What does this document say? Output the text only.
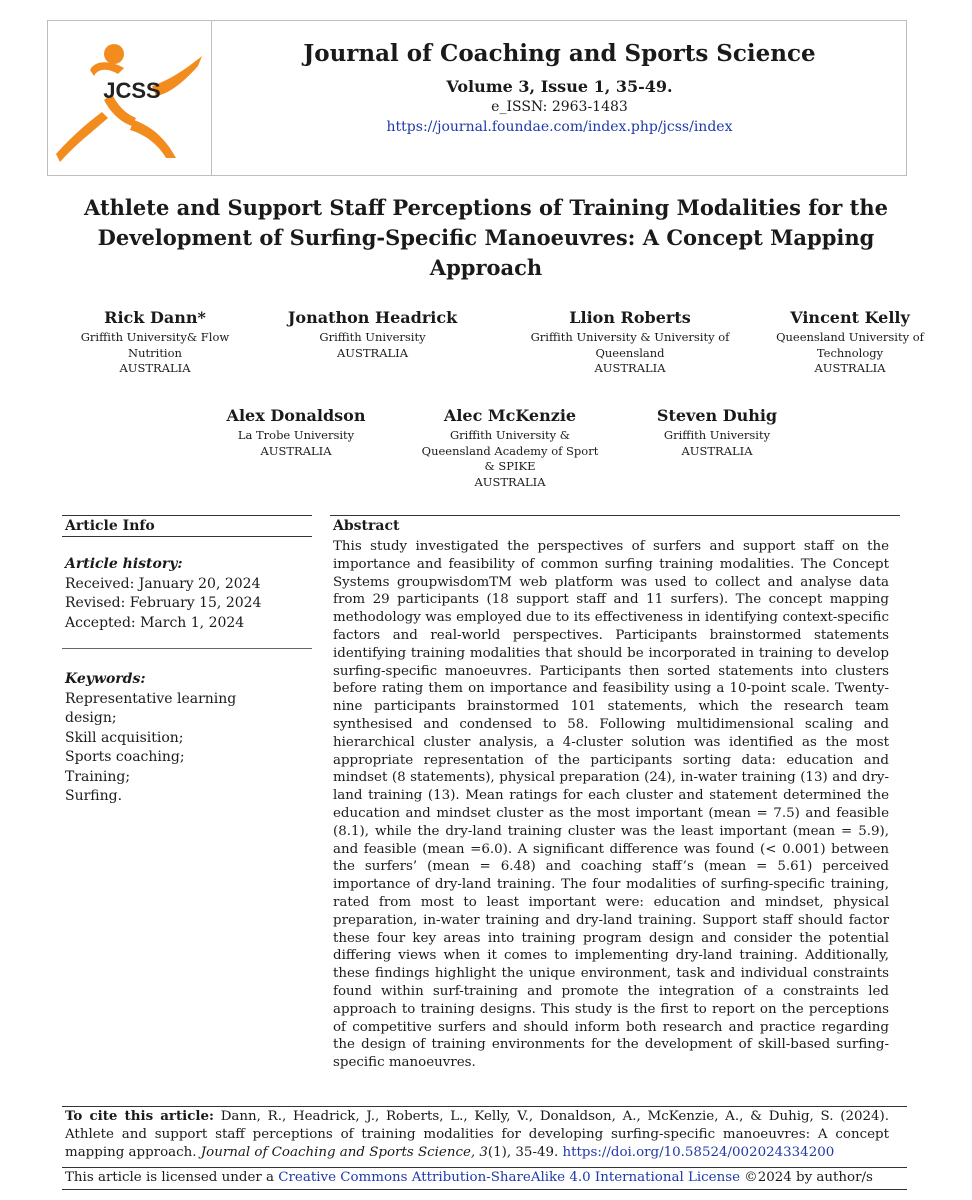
JCSS
Journal of Coaching and Sports Science
Volume 3, Issue 1, 35-49.
e_ISSN: 2963-1483
https://journal.foundae.com/index.php/jcss/index
Athlete and Support Staff Perceptions of Training Modalities for the
Development of Surfing-Specific Manoeuvres: A Concept Mapping
Approach
Rick Dann*
Griffith University& Flow
Nutrition
AUSTRALIA
Jonathon Headrick
Griffith University
AUSTRALIA
Llion Roberts
Griffith University & University of
Queensland
AUSTRALIA
Vincent Kelly
Queensland University of
Technology
AUSTRALIA
Alex Donaldson
La Trobe University
AUSTRALIA
Alec McKenzie
Griffith University &
Queensland Academy of Sport
& SPIKE
AUSTRALIA
Steven Duhig
Griffith University
AUSTRALIA
Article Info	Abstract
Article history:
Received: January 20, 2024
Revised: February 15, 2024
Accepted: March 1, 2024
Keywords:
Representative learning
design;
Skill acquisition;
Sports coaching;
Training;
Surfing.
This study investigated the perspectives of surfers and support staff on the importance and feasibility of common surfing training modalities. The Concept Systems groupwisdomTM web platform was used to collect and analyse data from 29 participants (18 support staff and 11 surfers). The concept mapping methodology was employed due to its effectiveness in identifying context-specific factors and real-world perspectives. Participants brainstormed statements identifying training modalities that should be incorporated in training to develop surfing-specific manoeuvres. Participants then sorted statements into clusters before rating them on importance and feasibility using a 10-point scale. Twenty-nine participants brainstormed 101 statements, which the research team synthesised and condensed to 58. Following multidimensional scaling and hierarchical cluster analysis, a 4-cluster solution was identified as the most appropriate representation of the participants sorting data: education and mindset (8 statements), physical preparation (24), in-water training (13) and dry-land training (13). Mean ratings for each cluster and statement determined the education and mindset cluster as the most important (mean = 7.5) and feasible (8.1), while the dry-land training cluster was the least important (mean = 5.9), and feasible (mean =6.0). A significant difference was found (< 0.001) between the surfers’ (mean = 6.48) and coaching staff’s (mean = 5.61) perceived importance of dry-land training. The four modalities of surfing-specific training, rated from most to least important were: education and mindset, physical preparation, in-water training and dry-land training. Support staff should factor these four key areas into training program design and consider the potential differing views when it comes to implementing dry-land training. Additionally, these findings highlight the unique environment, task and individual constraints found within surf-training and promote the integration of a constraints led approach to training designs. This study is the first to report on the perceptions of competitive surfers and should inform both research and practice regarding the design of training environments for the development of skill-based surfing-specific manoeuvres.
To cite this article: Dann, R., Headrick, J., Roberts, L., Kelly, V., Donaldson, A., McKenzie, A., & Duhig, S. (2024). Athlete and support staff perceptions of training modalities for developing surfing-specific manoeuvres: A concept mapping approach. Journal of Coaching and Sports Science, 3(1), 35-49. https://doi.org/10.58524/002024334200
This article is licensed under a Creative Commons Attribution-ShareAlike 4.0 International License ©2024 by author/s
